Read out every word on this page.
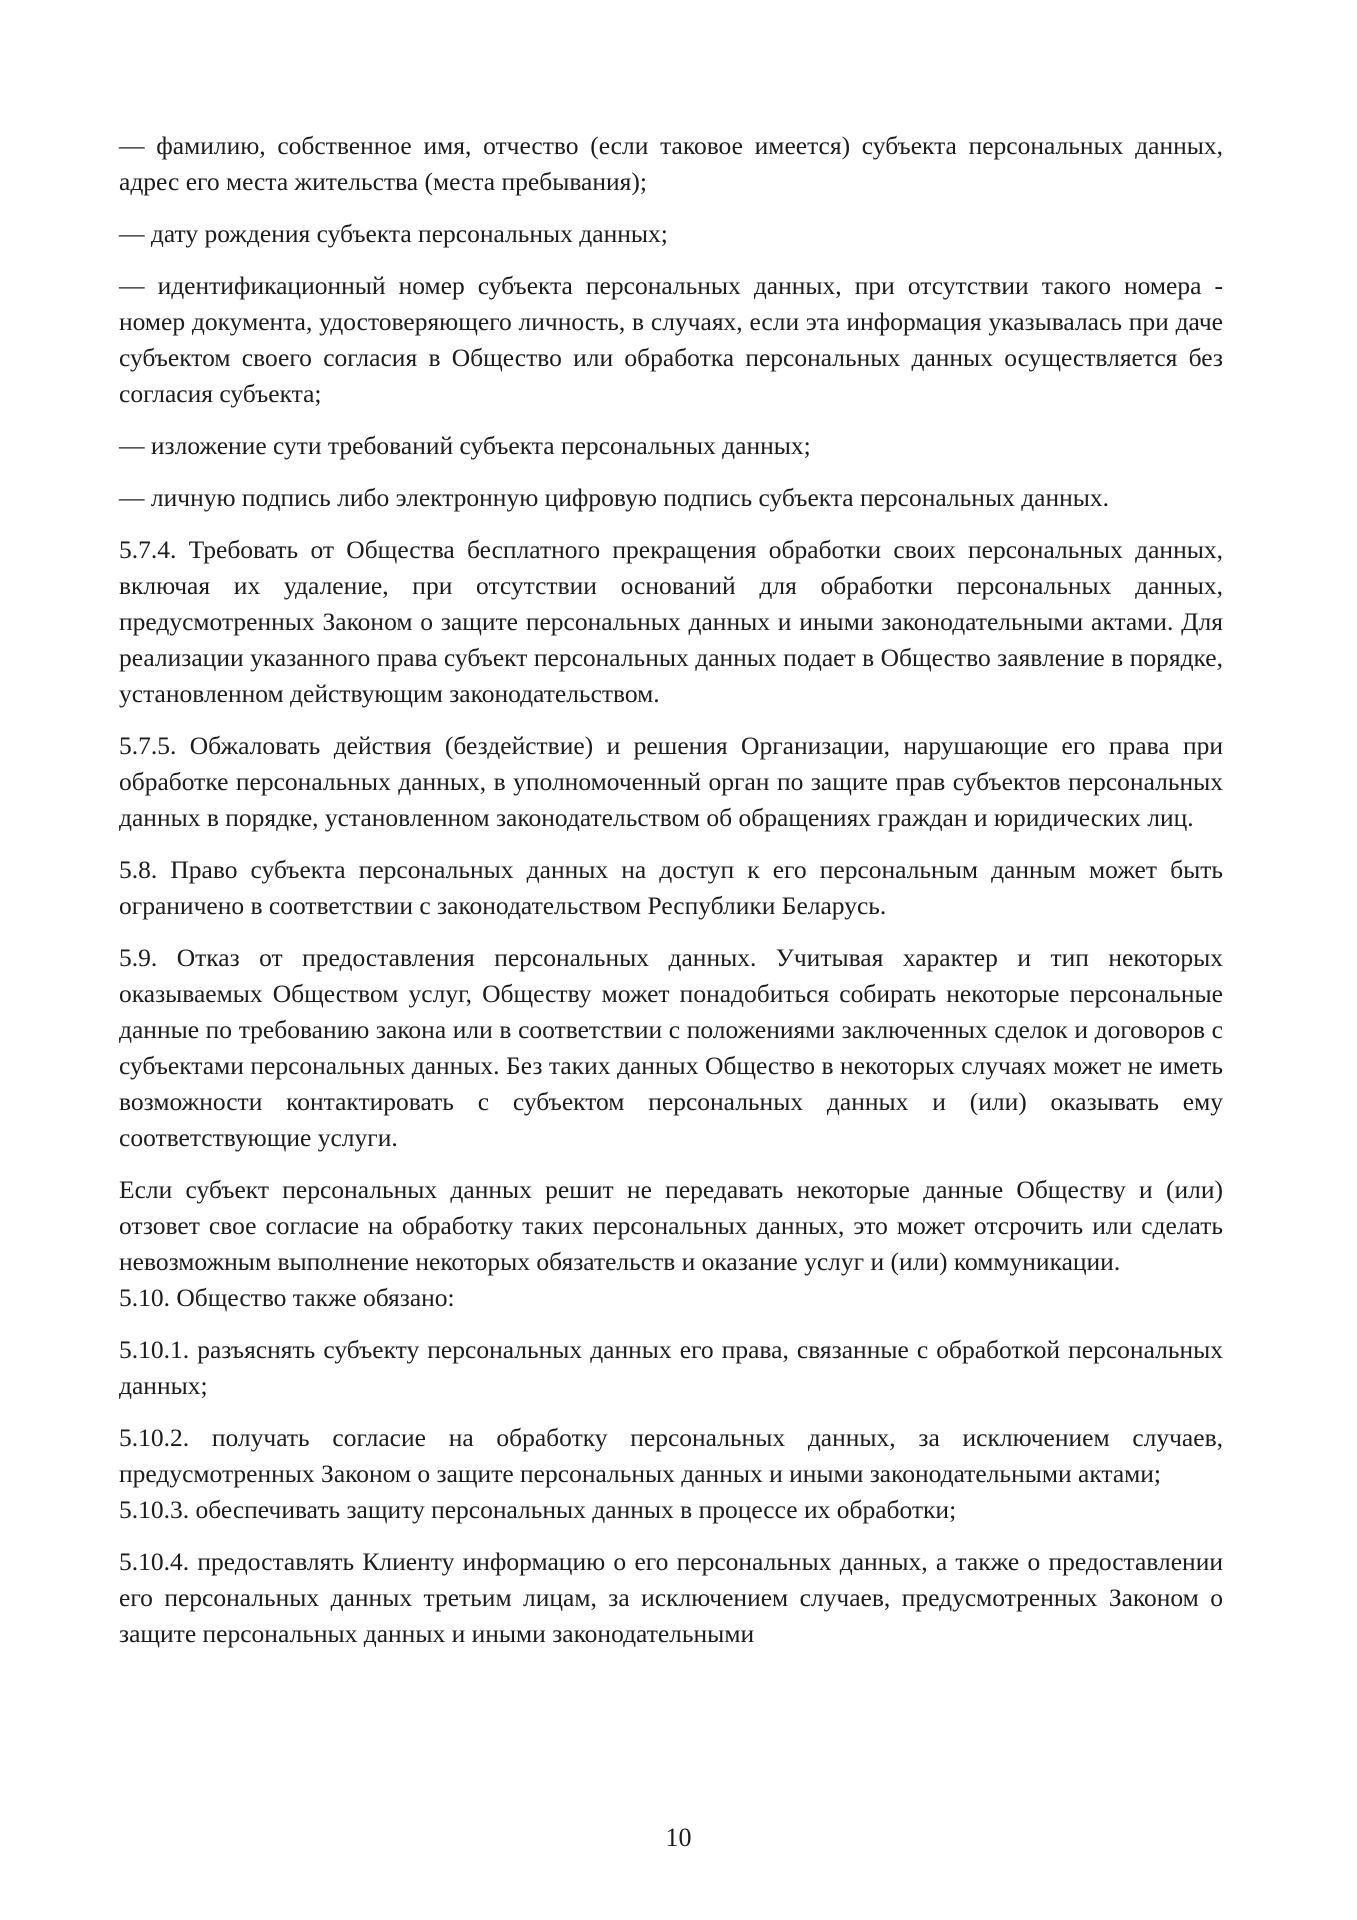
— фамилию, собственное имя, отчество (если таковое имеется) субъекта персональных данных, адрес его места жительства (места пребывания);

— дату рождения субъекта персональных данных;

— идентификационный номер субъекта персональных данных, при отсутствии такого номера - номер документа, удостоверяющего личность, в случаях, если эта информация указывалась при даче субъектом своего согласия в Общество или обработка персональных данных осуществляется без согласия субъекта;

— изложение сути требований субъекта персональных данных;

— личную подпись либо электронную цифровую подпись субъекта персональных данных.

5.7.4. Требовать от Общества бесплатного прекращения обработки своих персональных данных, включая их удаление, при отсутствии оснований для обработки персональных данных, предусмотренных Законом о защите персональных данных и иными законодательными актами. Для реализации указанного права субъект персональных данных подает в Общество заявление в порядке, установленном действующим законодательством.

5.7.5. Обжаловать действия (бездействие) и решения Организации, нарушающие его права при обработке персональных данных, в уполномоченный орган по защите прав субъектов персональных данных в порядке, установленном законодательством об обращениях граждан и юридических лиц.

5.8. Право субъекта персональных данных на доступ к его персональным данным может быть ограничено в соответствии с законодательством Республики Беларусь.

5.9. Отказ от предоставления персональных данных. Учитывая характер и тип некоторых оказываемых Обществом услуг, Обществу может понадобиться собирать некоторые персональные данные по требованию закона или в соответствии с положениями заключенных сделок и договоров с субъектами персональных данных. Без таких данных Общество в некоторых случаях может не иметь возможности контактировать с субъектом персональных данных и (или) оказывать ему соответствующие услуги.

Если субъект персональных данных решит не передавать некоторые данные Обществу и (или) отзовет свое согласие на обработку таких персональных данных, это может отсрочить или сделать невозможным выполнение некоторых обязательств и оказание услуг и (или) коммуникации.

5.10. Общество также обязано:

5.10.1. разъяснять субъекту персональных данных его права, связанные с обработкой персональных данных;

5.10.2. получать согласие на обработку персональных данных, за исключением случаев, предусмотренных Законом о защите персональных данных и иными законодательными актами;

5.10.3. обеспечивать защиту персональных данных в процессе их обработки;

5.10.4. предоставлять Клиенту информацию о его персональных данных, а также о предоставлении его персональных данных третьим лицам, за исключением случаев, предусмотренных Законом о защите персональных данных и иными законодательными

10
